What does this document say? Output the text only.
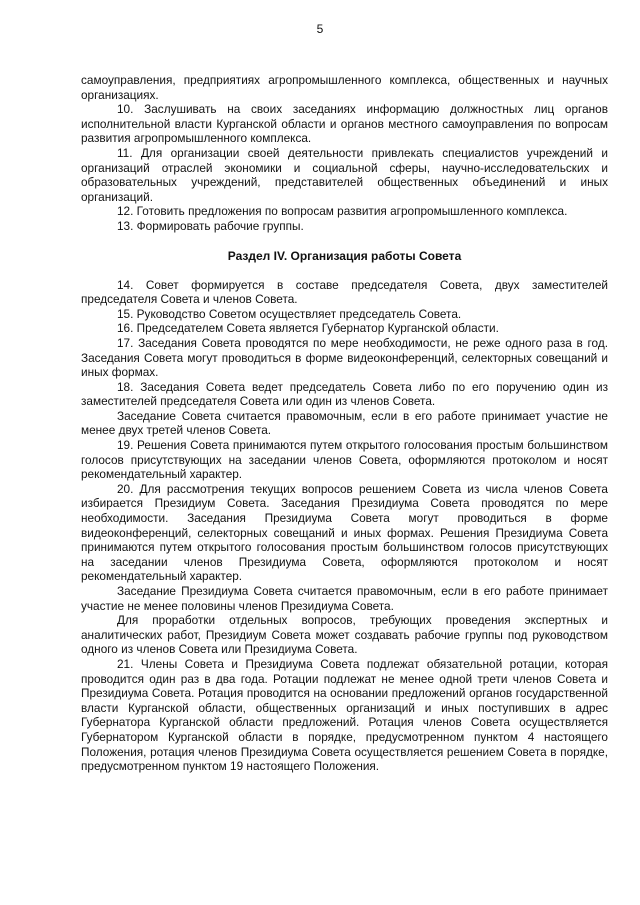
5

самоуправления, предприятиях агропромышленного комплекса, общественных и научных организациях.

10. Заслушивать на своих заседаниях информацию должностных лиц органов исполнительной власти Курганской области и органов местного самоуправления по вопросам развития агропромышленного комплекса.

11. Для организации своей деятельности привлекать специалистов учреждений и организаций отраслей экономики и социальной сферы, научно-исследовательских и образовательных учреждений, представителей общественных объединений и иных организаций.

12. Готовить предложения по вопросам развития агропромышленного комплекса.

13. Формировать рабочие группы.

Раздел IV. Организация работы Совета

14. Совет формируется в составе председателя Совета, двух заместителей председателя Совета и членов Совета.

15. Руководство Советом осуществляет председатель Совета.

16. Председателем Совета является Губернатор Курганской области.

17. Заседания Совета проводятся по мере необходимости, не реже одного раза в год. Заседания Совета могут проводиться в форме видеоконференций, селекторных совещаний и иных формах.

18. Заседания Совета ведет председатель Совета либо по его поручению один из заместителей председателя Совета или один из членов Совета.

Заседание Совета считается правомочным, если в его работе принимает участие не менее двух третей членов Совета.

19. Решения Совета принимаются путем открытого голосования простым большинством голосов присутствующих на заседании членов Совета, оформляются протоколом и носят рекомендательный характер.

20. Для рассмотрения текущих вопросов решением Совета из числа членов Совета избирается Президиум Совета. Заседания Президиума Совета проводятся по мере необходимости. Заседания Президиума Совета могут проводиться в форме видеоконференций, селекторных совещаний и иных формах. Решения Президиума Совета принимаются путем открытого голосования простым большинством голосов присутствующих на заседании членов Президиума Совета, оформляются протоколом и носят рекомендательный характер.

Заседание Президиума Совета считается правомочным, если в его работе принимает участие не менее половины членов Президиума Совета.

Для проработки отдельных вопросов, требующих проведения экспертных и аналитических работ, Президиум Совета может создавать рабочие группы под руководством одного из членов Совета или Президиума Совета.

21. Члены Совета и Президиума Совета подлежат обязательной ротации, которая проводится один раз в два года. Ротации подлежат не менее одной трети членов Совета и Президиума Совета. Ротация проводится на основании предложений органов государственной власти Курганской области, общественных организаций и иных поступивших в адрес Губернатора Курганской области предложений. Ротация членов Совета осуществляется Губернатором Курганской области в порядке, предусмотренном пунктом 4 настоящего Положения, ротация членов Президиума Совета осуществляется решением Совета в порядке, предусмотренном пунктом 19 настоящего Положения.
